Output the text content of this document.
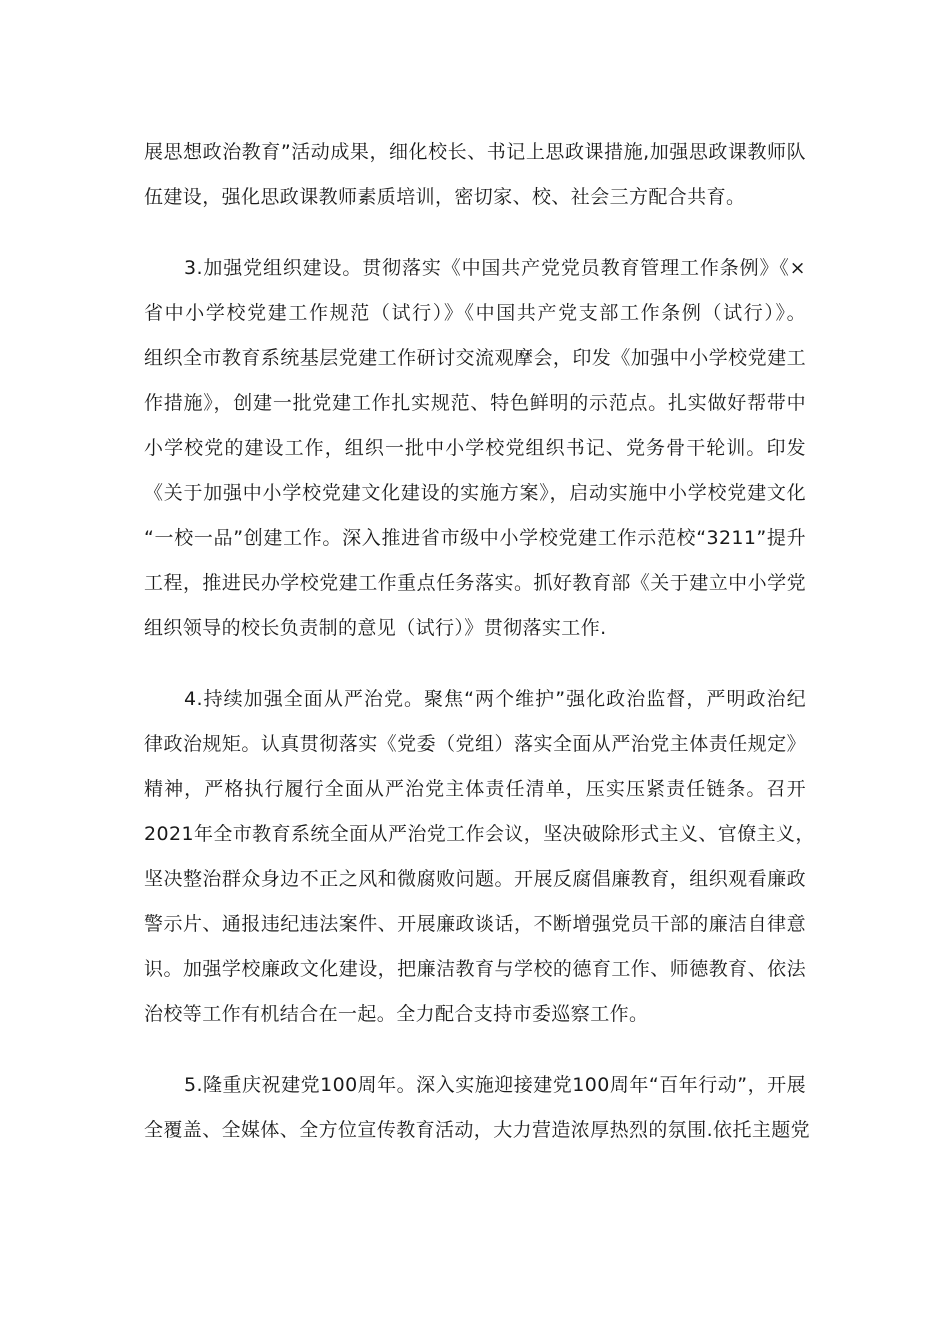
展思想政治教育”活动成果，细化校长、书记上思政课措施,加强思政课教师队
伍建设，强化思政课教师素质培训，密切家、校、社会三方配合共育。
3.加强党组织建设。贯彻落实《中国共产党党员教育管理工作条例》《×
省中小学校党建工作规范（试行）》《中国共产党支部工作条例（试行）》。
组织全市教育系统基层党建工作研讨交流观摩会，印发《加强中小学校党建工
作措施》，创建一批党建工作扎实规范、特色鲜明的示范点。扎实做好帮带中
小学校党的建设工作，组织一批中小学校党组织书记、党务骨干轮训。印发
《关于加强中小学校党建文化建设的实施方案》，启动实施中小学校党建文化
“一校一品”创建工作。深入推进省市级中小学校党建工作示范校“3211”提升
工程，推进民办学校党建工作重点任务落实。抓好教育部《关于建立中小学党
组织领导的校长负责制的意见（试行）》贯彻落实工作.
4.持续加强全面从严治党。聚焦“两个维护”强化政治监督，严明政治纪
律政治规矩。认真贯彻落实《党委（党组）落实全面从严治党主体责任规定》
精神，严格执行履行全面从严治党主体责任清单，压实压紧责任链条。召开
2021年全市教育系统全面从严治党工作会议，坚决破除形式主义、官僚主义，
坚决整治群众身边不正之风和微腐败问题。开展反腐倡廉教育，组织观看廉政
警示片、通报违纪违法案件、开展廉政谈话，不断增强党员干部的廉洁自律意
识。加强学校廉政文化建设，把廉洁教育与学校的德育工作、师德教育、依法
治校等工作有机结合在一起。全力配合支持市委巡察工作。
5.隆重庆祝建党100周年。深入实施迎接建党100周年“百年行动”，开展
全覆盖、全媒体、全方位宣传教育活动，大力营造浓厚热烈的氛围.依托主题党
